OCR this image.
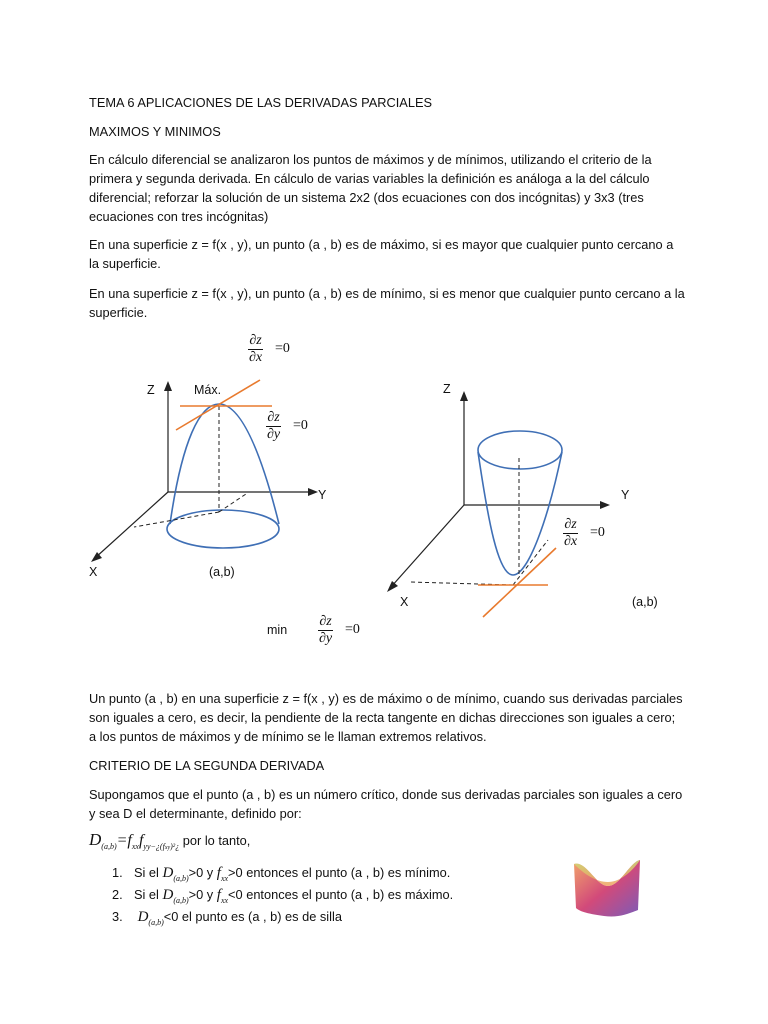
TEMA 6 APLICACIONES DE LAS DERIVADAS PARCIALES
MAXIMOS Y MINIMOS
En cálculo diferencial se analizaron los puntos de máximos y de mínimos, utilizando el criterio de la primera y segunda derivada. En cálculo de varias variables la definición es análoga a la del cálculo diferencial; reforzar la solución de un sistema 2x2 (dos ecuaciones con dos incógnitas) y 3x3 (tres ecuaciones con tres incógnitas)
En una superficie z = f(x , y), un punto (a , b) es de máximo, si es mayor que cualquier punto cercano a la superficie.
En una superficie z = f(x , y), un punto (a , b) es de mínimo, si es menor que cualquier punto cercano a la superficie.
Z	Máx.
Y
X	(a,b)
Z
Y
X	(a,b)
min
∂z
∂x
=0
∂z
∂y
=0
∂z
∂x
=0
∂z
∂y
=0
Un punto (a , b) en una superficie z = f(x , y) es de máximo o de mínimo, cuando sus derivadas parciales son iguales a cero, es decir, la pendiente de la recta tangente en dichas direcciones son iguales a cero; a los puntos de máximos y de mínimo se le llaman extremos relativos.
CRITERIO DE LA SEGUNDA DERIVADA
Supongamos que el punto (a , b) es un número crítico, donde sus derivadas parciales son iguales a cero y sea D el determinante, definido por:
$D_{(a,b)}=f_{xx}f_{yy-¿(fxy)^2¿}$ por lo tanto,
1. Si el $D_{(a,b)}>0$ y $f_{xx}>0$ entonces el punto (a , b) es mínimo.
2. Si el $D_{(a,b)}>0$ y $f_{xx}<0$ entonces el punto (a , b) es máximo.
3. $D_{(a,b)}<0$ el punto es (a , b) es de silla
